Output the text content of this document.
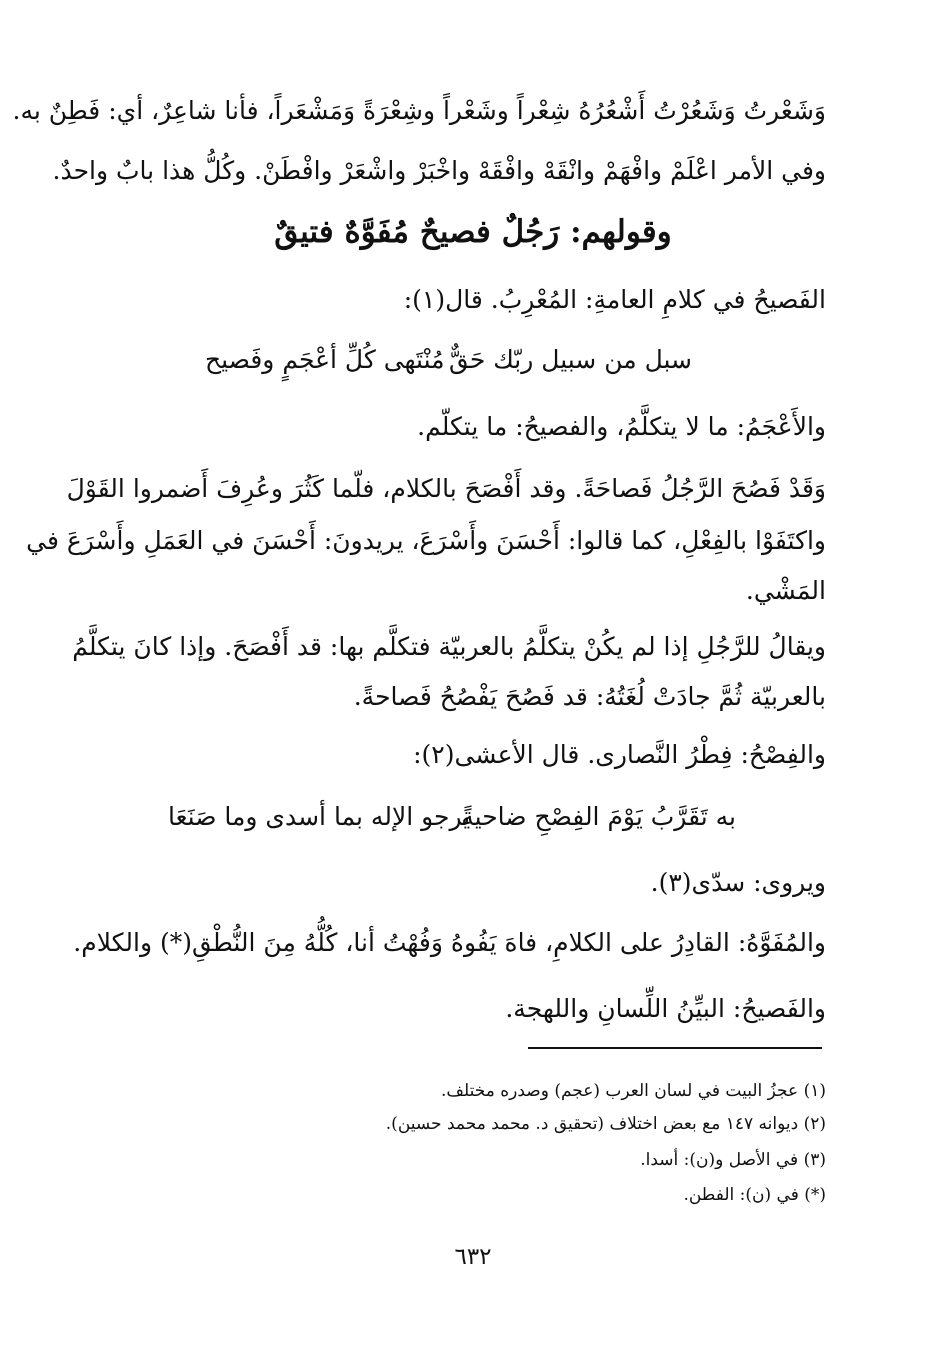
وَشَعْرتُ وَشَعُرْتُ أَشْعُرُهُ شِعْراً وشَعْراً وشِعْرَةً وَمَشْعَراً، فأنا شاعِرٌ، أي: فَطِنٌ به.
وفي الأمر اعْلَمْ وافْهَمْ وانْقَهْ وافْقَهْ واخْبَرْ واشْعَرْ وافْطَنْ. وكُلُّ هذا بابٌ واحدٌ.
وقولهم: رَجُلٌ فصيحٌ مُفَوَّهٌ فتيقٌ
الفَصيحُ في كلامِ العامةِ: المُعْرِبُ. قال(١):
سبل من سبيل ربّك حَقٌّ
مُنْتَهى كُلِّ أعْجَمٍ وفَصيح
والأَعْجَمُ: ما لا يتكلَّمُ، والفصيحُ: ما يتكلّم.
وَقَدْ فَصُحَ الرَّجُلُ فَصاحَةً. وقد أَفْصَحَ بالكلام، فلّما كَثُرَ وعُرِفَ أَضمروا القَوْلَ
واكتَفَوْا بالفِعْلِ، كما قالوا: أَحْسَنَ وأَسْرَعَ، يريدونَ: أَحْسَنَ في العَمَلِ وأَسْرَعَ في
المَشْي.
ويقالُ للرَّجُلِ إذا لم يكُنْ يتكلَّمُ بالعربيّة فتكلَّم بها: قد أَفْصَحَ. وإذا كانَ يتكلَّمُ
بالعربيّة ثُمَّ جادَتْ لُغَتُهُ: قد فَصُحَ يَفْصُحُ فَصاحةً.
والفِصْحُ: فِطْرُ النَّصارى. قال الأعشى(٢):
به تَقَرَّبُ يَوْمَ الفِصْحِ ضاحيةً
يرجو الإله بما أسدى وما صَنَعَا
ويروى: سدّى(٣).
والمُفَوَّهُ: القادِرُ على الكلامِ، فاهَ يَفُوهُ وَفُهْتُ أنا، كُلُّهُ مِنَ النُّطْقِ(*) والكلام.
والفَصيحُ: البيِّنُ اللِّسانِ واللهجة.
(١) عجزُ البيت في لسان العرب (عجم) وصدره مختلف.
(٢) ديوانه ١٤٧ مع بعض اختلاف (تحقيق د. محمد محمد حسين).
(٣) في الأصل و(ن): أسدا.
(*) في (ن): الفطن.
٦٣٢
